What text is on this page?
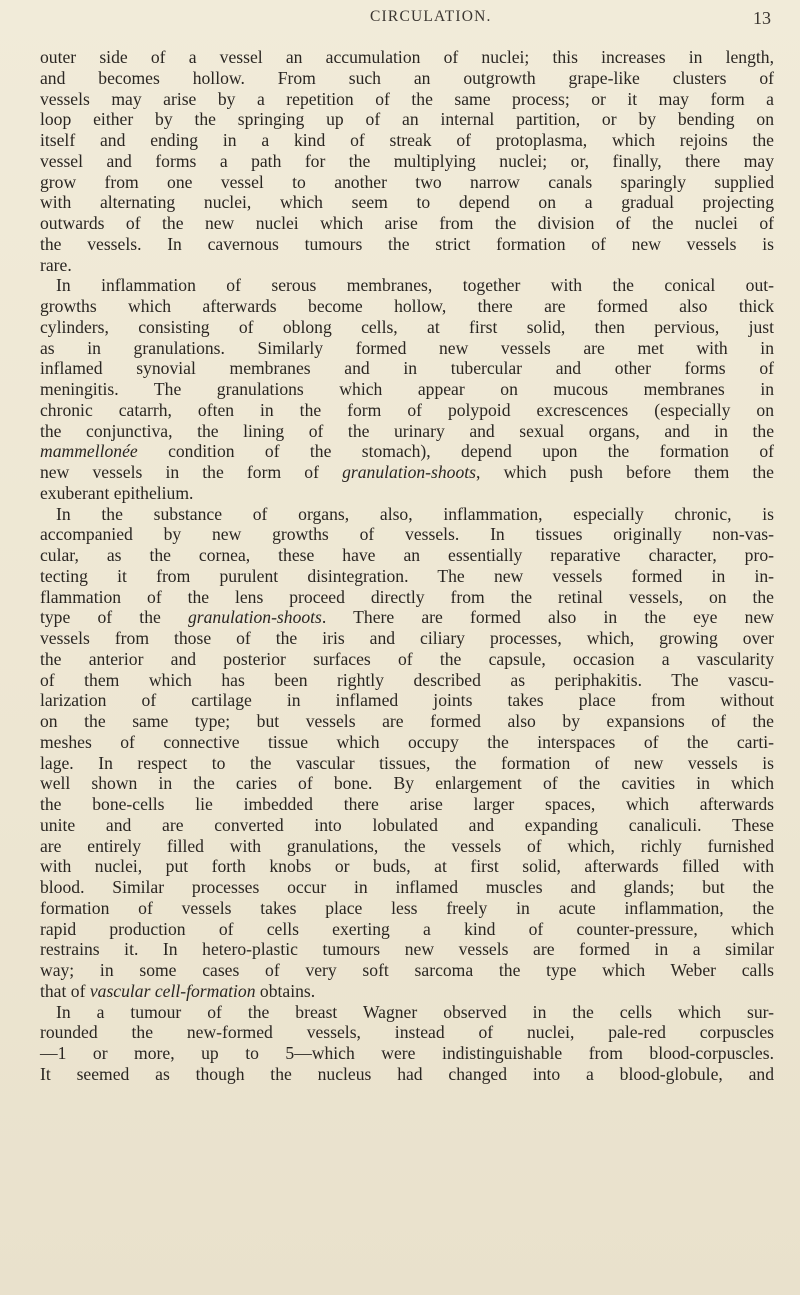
CIRCULATION.	13

outer side of a vessel an accumulation of nuclei; this increases in length,

and becomes hollow. From such an outgrowth grape-like clusters of

vessels may arise by a repetition of the same process; or it may form a

loop either by the springing up of an internal partition, or by bending on

itself and ending in a kind of streak of protoplasma, which rejoins the

vessel and forms a path for the multiplying nuclei; or, finally, there may

grow from one vessel to another two narrow canals sparingly supplied

with alternating nuclei, which seem to depend on a gradual projecting

outwards of the new nuclei which arise from the division of the nuclei of

the vessels. In cavernous tumours the strict formation of new vessels is

rare.

In inflammation of serous membranes, together with the conical out-

growths which afterwards become hollow, there are formed also thick

cylinders, consisting of oblong cells, at first solid, then pervious, just

as in granulations. Similarly formed new vessels are met with in

inflamed synovial membranes and in tubercular and other forms of

meningitis. The granulations which appear on mucous membranes in

chronic catarrh, often in the form of polypoid excrescences (especially on

the conjunctiva, the lining of the urinary and sexual organs, and in the

mammellonée condition of the stomach), depend upon the formation of

new vessels in the form of granulation-shoots, which push before them the

exuberant epithelium.

In the substance of organs, also, inflammation, especially chronic, is

accompanied by new growths of vessels. In tissues originally non-vas-

cular, as the cornea, these have an essentially reparative character, pro-

tecting it from purulent disintegration. The new vessels formed in in-

flammation of the lens proceed directly from the retinal vessels, on the

type of the granulation-shoots. There are formed also in the eye new

vessels from those of the iris and ciliary processes, which, growing over

the anterior and posterior surfaces of the capsule, occasion a vascularity

of them which has been rightly described as periphakitis. The vascu-

larization of cartilage in inflamed joints takes place from without

on the same type; but vessels are formed also by expansions of the

meshes of connective tissue which occupy the interspaces of the carti-

lage. In respect to the vascular tissues, the formation of new vessels is

well shown in the caries of bone. By enlargement of the cavities in which

the bone-cells lie imbedded there arise larger spaces, which afterwards

unite and are converted into lobulated and expanding canaliculi. These

are entirely filled with granulations, the vessels of which, richly furnished

with nuclei, put forth knobs or buds, at first solid, afterwards filled with

blood. Similar processes occur in inflamed muscles and glands; but the

formation of vessels takes place less freely in acute inflammation, the

rapid production of cells exerting a kind of counter-pressure, which

restrains it. In hetero-plastic tumours new vessels are formed in a similar

way; in some cases of very soft sarcoma the type which Weber calls

that of vascular cell-formation obtains.

In a tumour of the breast Wagner observed in the cells which sur-

rounded the new-formed vessels, instead of nuclei, pale-red corpuscles

—1 or more, up to 5—which were indistinguishable from blood-corpuscles.

It seemed as though the nucleus had changed into a blood-globule, and
